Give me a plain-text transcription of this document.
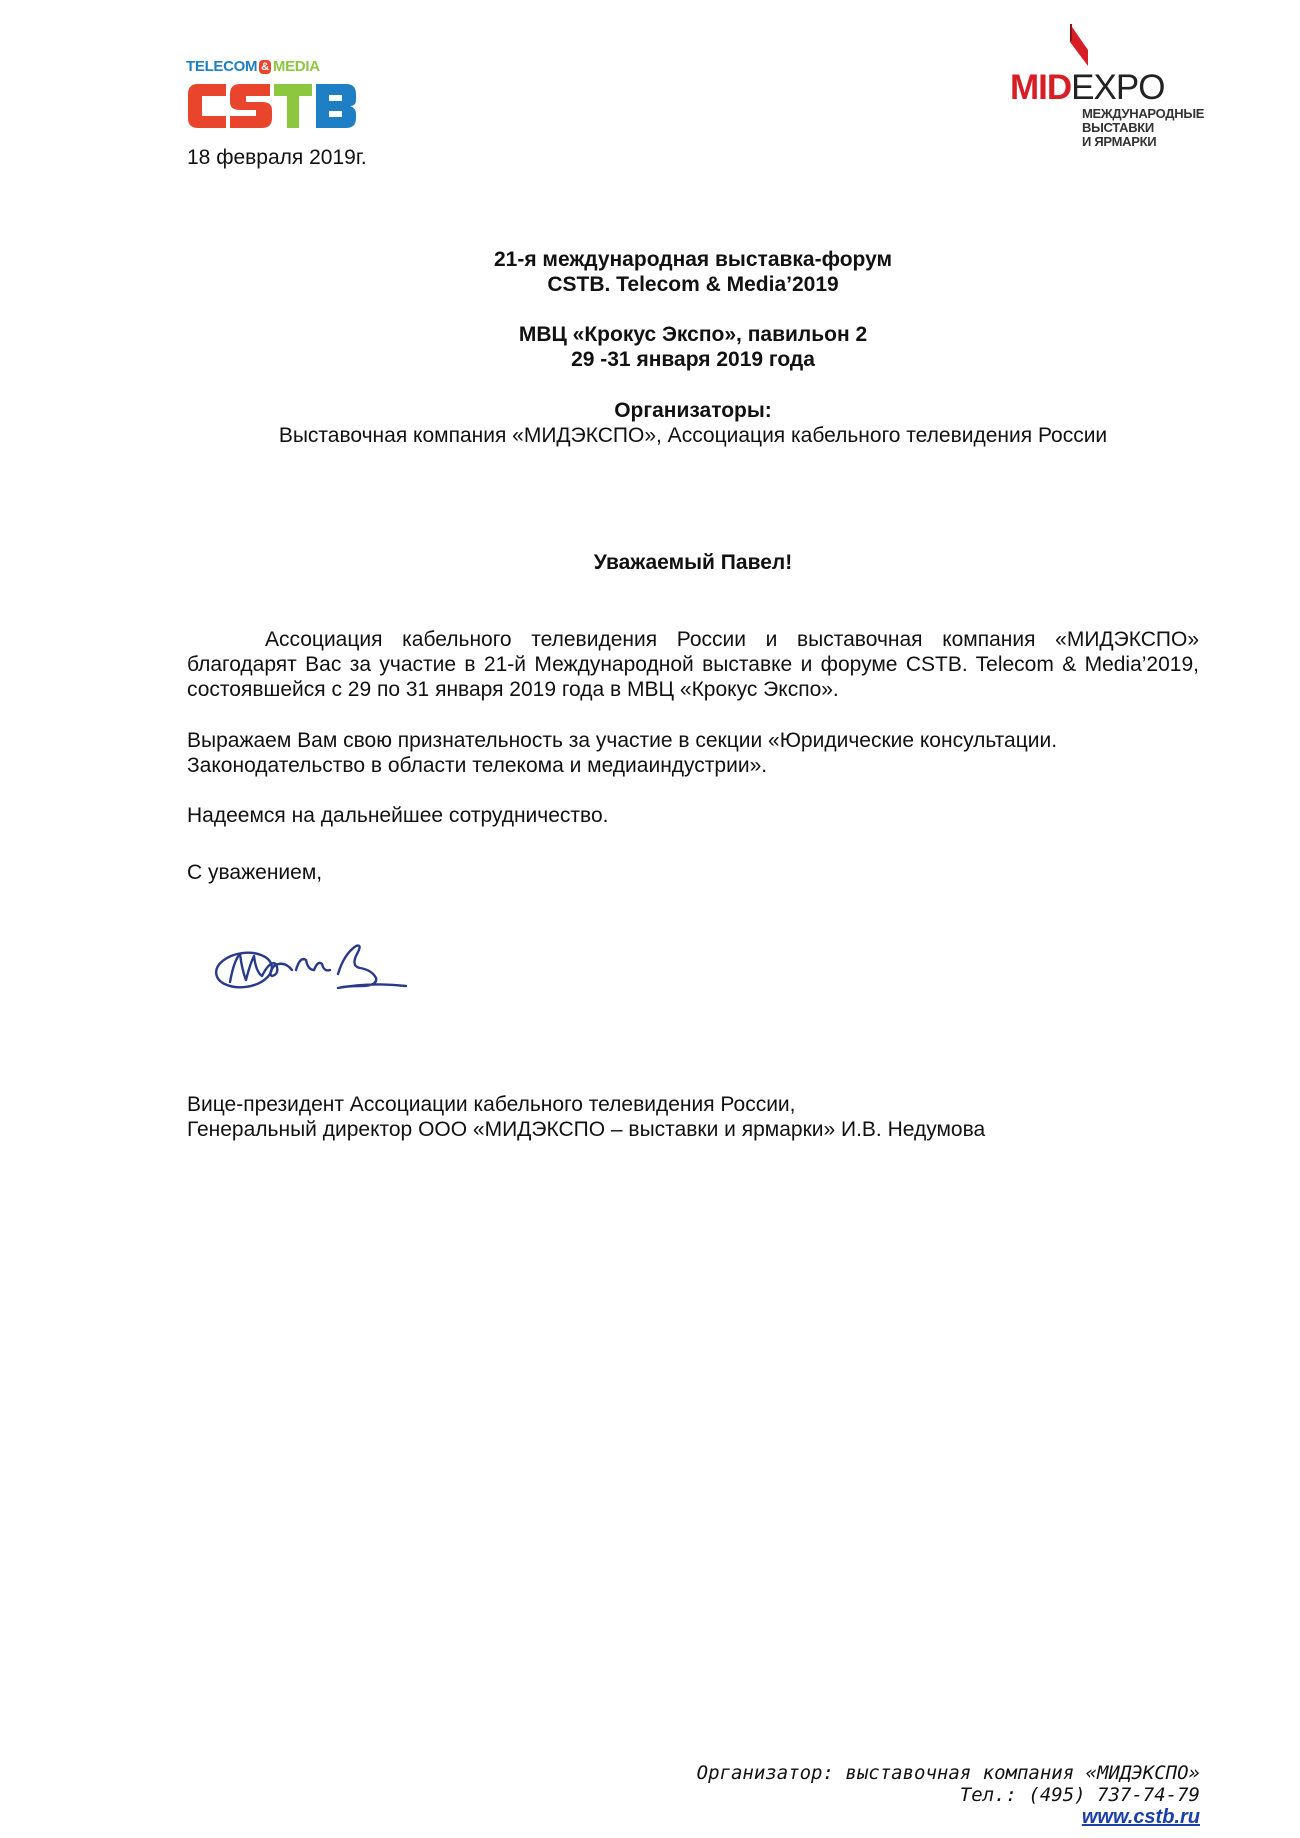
TELECOM & MEDIA
18 февраля 2019г.
MIDEXPO
МЕЖДУНАРОДНЫЕ
ВЫСТАВКИ
И ЯРМАРКИ
21-я международная выставка-форум
CSTB. Telecom & Media’2019
МВЦ «Крокус Экспо», павильон 2
29 -31 января 2019 года
Организаторы:
Выставочная компания «МИДЭКСПО», Ассоциация кабельного телевидения России
Уважаемый Павел!
Ассоциация кабельного телевидения России и выставочная компания «МИДЭКСПО» благодарят Вас за участие в 21-й Международной выставке и форуме CSTB. Telecom & Media’2019, состоявшейся с 29 по 31 января 2019 года в МВЦ «Крокус Экспо».
Выражаем Вам свою признательность за участие в секции «Юридические консультации. Законодательство в области телекома и медиаиндустрии».
Надеемся на дальнейшее сотрудничество.
С уважением,
Вице-президент Ассоциации кабельного телевидения России,
Генеральный директор ООО «МИДЭКСПО – выставки и ярмарки» И.В. Недумова
Организатор: выставочная компания «МИДЭКСПО»
Тел.: (495) 737-74-79
www.cstb.ru
